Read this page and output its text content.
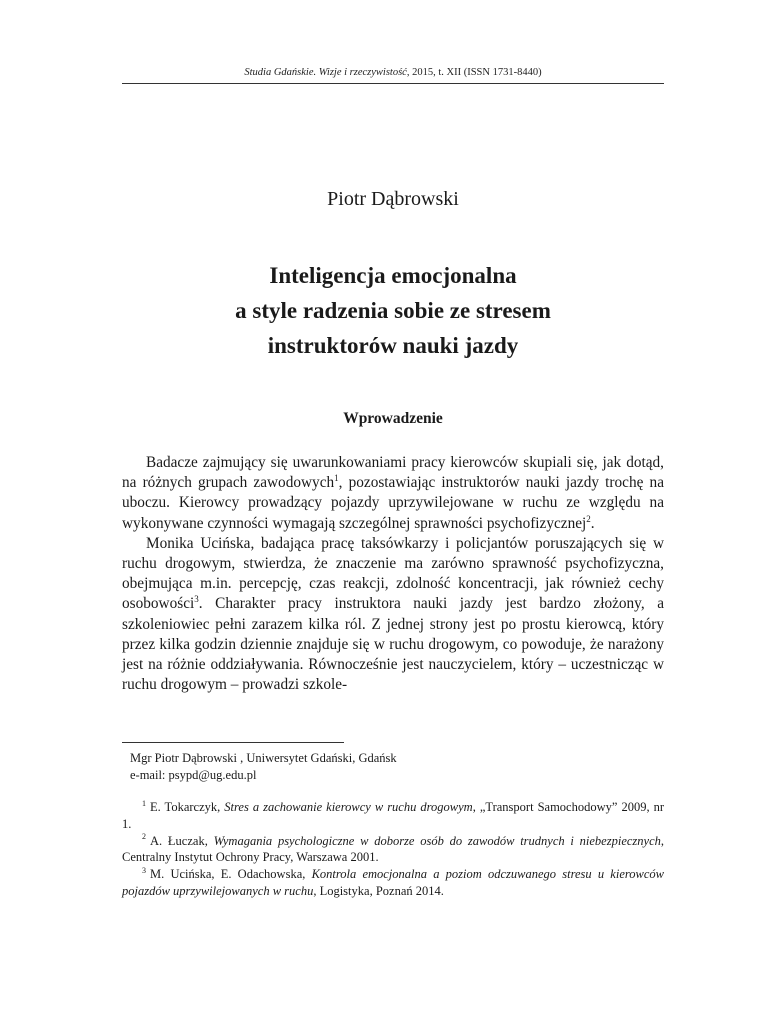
Studia Gdańskie. Wizje i rzeczywistość, 2015, t. XII (ISSN 1731-8440)
Piotr Dąbrowski
Inteligencja emocjonalna
a style radzenia sobie ze stresem
instruktorów nauki jazdy
Wprowadzenie

Badacze zajmujący się uwarunkowaniami pracy kierowców skupiali się, jak dotąd, na różnych grupach zawodowych$^1$, pozostawiając instruktorów nauki jazdy trochę na uboczu. Kierowcy prowadzący pojazdy uprzywilejowane w ruchu ze względu na wykonywane czynności wymagają szczególnej sprawności psychofizycznej$^2$.

Monika Ucińska, badająca pracę taksówkarzy i policjantów poruszających się w ruchu drogowym, stwierdza, że znaczenie ma zarówno sprawność psychofizyczna, obejmująca m.in. percepcję, czas reakcji, zdolność koncentracji, jak również cechy osobowości$^3$. Charakter pracy instruktora nauki jazdy jest bardzo złożony, a szkoleniowiec pełni zarazem kilka ról. Z jednej strony jest po prostu kierowcą, który przez kilka godzin dziennie znajduje się w ruchu drogowym, co powoduje, że narażony jest na różnie oddziaływania. Równocześnie jest nauczycielem, który – uczestnicząc w ruchu drogowym – prowadzi szkole-

Mgr Piotr Dąbrowski , Uniwersytet Gdański, Gdańsk
e-mail: psypd@ug.edu.pl

$^1$ E. Tokarczyk, Stres a zachowanie kierowcy w ruchu drogowym, „Transport Samochodowy” 2009, nr 1.

$^2$ A. Łuczak, Wymagania psychologiczne w doborze osób do zawodów trudnych i niebezpiecznych, Centralny Instytut Ochrony Pracy, Warszawa 2001.

$^3$ M. Ucińska, E. Odachowska, Kontrola emocjonalna a poziom odczuwanego stresu u kierowców pojazdów uprzywilejowanych w ruchu, Logistyka, Poznań 2014.
